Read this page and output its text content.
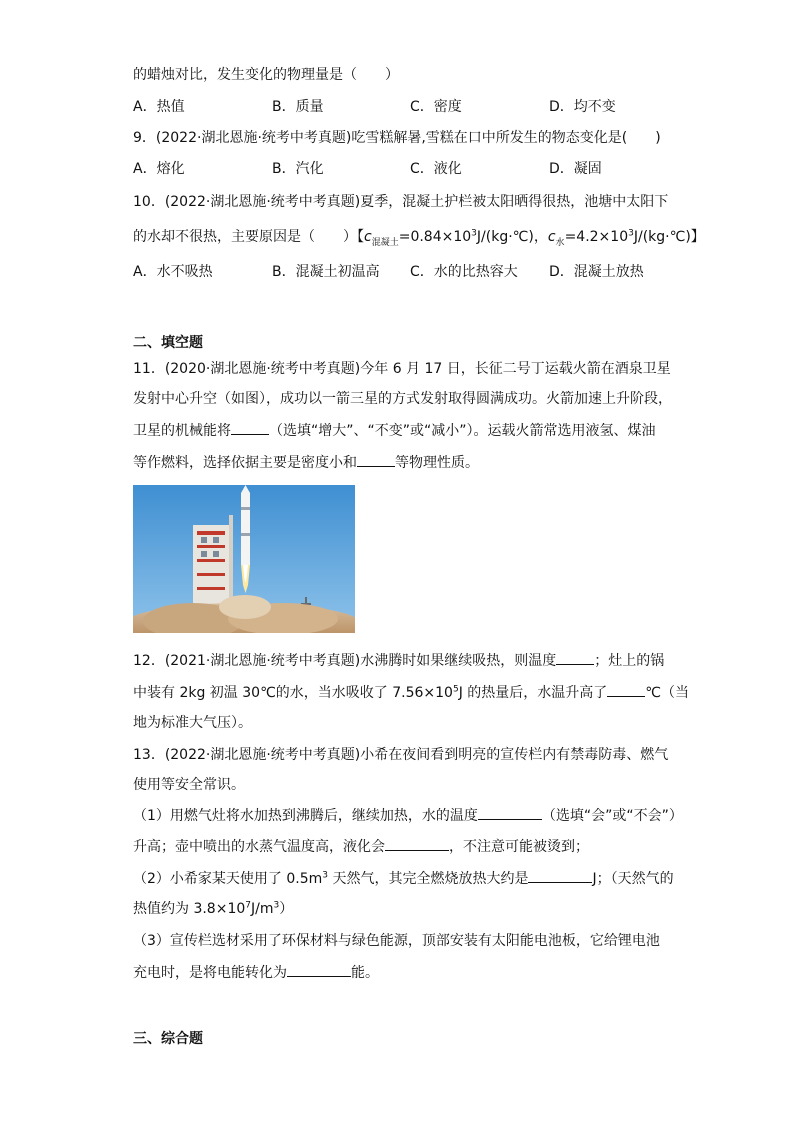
的蜡烛对比，发生变化的物理量是（　　）
A．热值	B．质量	C．密度	D．均不变
9．(2022·湖北恩施·统考中考真题)吃雪糕解暑,雪糕在口中所发生的物态变化是(　　)
A．熔化	B．汽化	C．液化	D．凝固
10．(2022·湖北恩施·统考中考真题)夏季，混凝土护栏被太阳晒得很热，池塘中太阳下
的水却不很热，主要原因是（　　）【$c_{混凝土}=0.84\times 10^3J/(kg\cdot℃)$，$c_水=4.2\times 10^3J/(kg\cdot℃)$】
A．水不吸热	B．混凝土初温高 C．水的比热容大 D．混凝土放热
二、填空题
11．(2020·湖北恩施·统考中考真题)今年 6 月 17 日，长征二号丁运载火箭在酒泉卫星
发射中心升空（如图），成功以一箭三星的方式发射取得圆满成功。火箭加速上升阶段，
卫星的机械能将	（选填“增大”、“不变”或“减小”）。运载火箭常选用液氢、煤油
等作燃料，选择依据主要是密度小和	等物理性质。
12．(2021·湖北恩施·统考中考真题)水沸腾时如果继续吸热，则温度	；灶上的锅
中装有 2kg 初温 30℃的水，当水吸收了 $7.56\times 10^5J$ 的热量后，水温升高了	℃（当
地为标准大气压）。
13．(2022·湖北恩施·统考中考真题)小希在夜间看到明亮的宣传栏内有禁毒防毒、燃气
使用等安全常识。
（1）用燃气灶将水加热到沸腾后，继续加热，水的温度	（选填“会”或“不会”）
升高；壶中喷出的水蒸气温度高，液化会	，不注意可能被烫到；
（2）小希家某天使用了 $0.5m^3$ 天然气，其完全燃烧放热大约是	J；（天然气的
热值约为 $3.8\times 10^7J/m^3$）
（3）宣传栏选材采用了环保材料与绿色能源，顶部安装有太阳能电池板，它给锂电池
充电时，是将电能转化为	能。
三、综合题
